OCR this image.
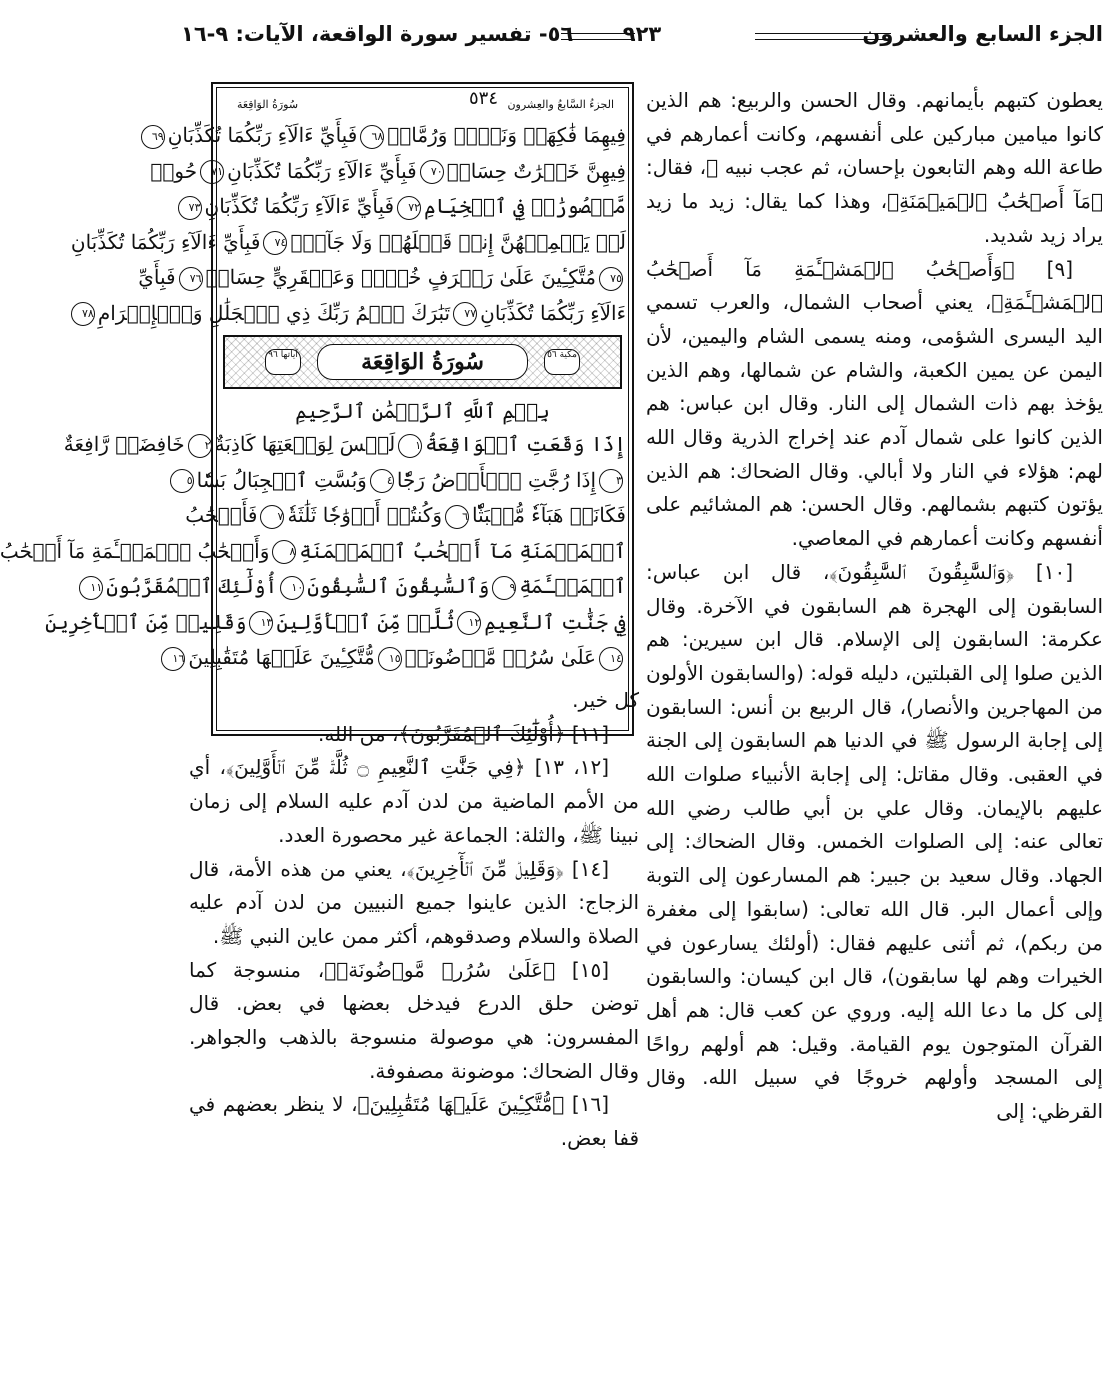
الجزء السابع والعشرون
٩٢٣
٥٦- تفسير سورة الواقعة، الآيات: ٩-١٦

يعطون كتبهم بأيمانهم. وقال الحسن والربيع: هم الذين كانوا ميامين مباركين على أنفسهم، وكانت أعمارهم في طاعة الله وهم التابعون بإحسان، ثم عجب نبيه ﷺ، فقال: ﴿مَآ أَصۡحَٰبُ ٱلۡمَيۡمَنَةِ﴾، وهذا كما يقال: زيد ما زيد يراد زيد شديد.

[٩] ﴿وَأَصۡحَٰبُ ٱلۡمَشۡـَٔمَةِ مَآ أَصۡحَٰبُ ٱلۡمَشۡـَٔمَةِ﴾، يعني أصحاب الشمال، والعرب تسمي اليد اليسرى الشؤمى، ومنه يسمى الشام واليمين، لأن اليمن عن يمين الكعبة، والشام عن شمالها، وهم الذين يؤخذ بهم ذات الشمال إلى النار. وقال ابن عباس: هم الذين كانوا على شمال آدم عند إخراج الذرية وقال الله لهم: هؤلاء في النار ولا أبالي. وقال الضحاك: هم الذين يؤتون كتبهم بشمالهم. وقال الحسن: هم المشائيم على أنفسهم وكانت أعمارهم في المعاصي.

[١٠] ﴿وَٱلسَّٰبِقُونَ ٱلسَّٰبِقُونَ﴾، قال ابن عباس: السابقون إلى الهجرة هم السابقون في الآخرة. وقال عكرمة: السابقون إلى الإسلام. قال ابن سيرين: هم الذين صلوا إلى القبلتين، دليله قوله: (والسابقون الأولون من المهاجرين والأنصار)، قال الربيع بن أنس: السابقون إلى إجابة الرسول ﷺ في الدنيا هم السابقون إلى الجنة في العقبى. وقال مقاتل: إلى إجابة الأنبياء صلوات الله عليهم بالإيمان. وقال علي بن أبي طالب رضي الله تعالى عنه: إلى الصلوات الخمس. وقال الضحاك: إلى الجهاد. وقال سعيد بن جبير: هم المسارعون إلى التوبة وإلى أعمال البر. قال الله تعالى: (سابقوا إلى مغفرة من ربكم)، ثم أثنى عليهم فقال: (أولئك يسارعون في الخيرات وهم لها سابقون)، قال ابن كيسان: والسابقون إلى كل ما دعا الله إليه. وروي عن كعب قال: هم أهل القرآن المتوجون يوم القيامة. وقيل: هم أولهم رواحًا إلى المسجد وأولهم خروجًا في سبيل الله. وقال القرظي: إلى

الجزءُ السَّابعُ والعِشرون
٥٣٤
سُورَةُ الوَاقِعَة
فِيهِمَا فَٰكِهَةٞ وَنَخۡلٞ وَرُمَّانٞ٦٨فَبِأَيِّ ءَالَآءِ رَبِّكُمَا تُكَذِّبَانِ٦٩
فِيهِنَّ خَيۡرَٰتٌ حِسَانٞ٧٠فَبِأَيِّ ءَالَآءِ رَبِّكُمَا تُكَذِّبَانِ٧١حُورٞ
مَّقۡصُورَٰتٞ فِي ٱلۡخِيَامِ٧٢فَبِأَيِّ ءَالَآءِ رَبِّكُمَا تُكَذِّبَانِ٧٣
لَمۡ يَطۡمِثۡهُنَّ إِنسٞ قَبۡلَهُمۡ وَلَا جَآنّٞ٧٤فَبِأَيِّ ءَالَآءِ رَبِّكُمَا تُكَذِّبَانِ
٧٥مُتَّكِـِٔينَ عَلَىٰ رَفۡرَفٍ خُضۡرٖ وَعَبۡقَرِيٍّ حِسَانٖ٧٦فَبِأَيِّ
ءَالَآءِ رَبِّكُمَا تُكَذِّبَانِ٧٧تَبَٰرَكَ ٱسۡمُ رَبِّكَ ذِي ٱلۡجَلَٰلِ وَٱلۡإِكۡرَامِ٧٨
مكية ٥٦
سُورَةُ الوَاقِعَة
آياتها ٩٦
بِسۡمِ ٱللَّهِ ٱلرَّحۡمَٰنِ ٱلرَّحِيمِ
إِذَا وَقَعَتِ ٱلۡوَاقِعَةُ١لَيۡسَ لِوَقۡعَتِهَا كَاذِبَةٌ٢خَافِضَةٞ رَّافِعَةٌ
٣إِذَا رُجَّتِ ٱلۡأَرۡضُ رَجّٗا٤وَبُسَّتِ ٱلۡجِبَالُ بَسّٗا٥
فَكَانَتۡ هَبَآءٗ مُّنۢبَثّٗا٦وَكُنتُمۡ أَزۡوَٰجٗا ثَلَٰثَةٗ٧فَأَصۡحَٰبُ
ٱلۡمَيۡمَنَةِ مَآ أَصۡحَٰبُ ٱلۡمَيۡمَنَةِ٨وَأَصۡحَٰبُ ٱلۡمَشۡـَٔمَةِ مَآ أَصۡحَٰبُ
ٱلۡمَشۡـَٔمَةِ٩وَٱلسَّٰبِقُونَ ٱلسَّٰبِقُونَ١٠أُوْلَٰٓئِكَ ٱلۡمُقَرَّبُونَ١١
فِي جَنَّٰتِ ٱلنَّعِيمِ١٢ثُلَّةٞ مِّنَ ٱلۡأَوَّلِينَ١٣وَقَلِيلٞ مِّنَ ٱلۡأٓخِرِينَ
١٤عَلَىٰ سُرُرٖ مَّوۡضُونَةٖ١٥مُّتَّكِـِٔينَ عَلَيۡهَا مُتَقَٰبِلِينَ١٦

كل خير.

[١١] ﴿أُوْلَٰٓئِكَ ٱلۡمُقَرَّبُونَ﴾، من الله.

[١٢، ١٣] ﴿فِي جَنَّٰتِ ٱلنَّعِيمِ ۝ ثُلَّةٞ مِّنَ ٱلۡأَوَّلِينَ﴾، أي من الأمم الماضية من لدن آدم عليه السلام إلى زمان نبينا ﷺ، والثلة: الجماعة غير محصورة العدد.

[١٤] ﴿وَقَلِيلٞ مِّنَ ٱلۡأٓخِرِينَ﴾، يعني من هذه الأمة، قال الزجاج: الذين عاينوا جميع النبيين من لدن آدم عليه الصلاة والسلام وصدقوهم، أكثر ممن عاين النبي ﷺ.

[١٥] ﴿عَلَىٰ سُرُرٖ مَّوۡضُونَةٖ﴾، منسوجة كما توضن حلق الدرع فيدخل بعضها في بعض. قال المفسرون: هي موصولة منسوجة بالذهب والجواهر. وقال الضحاك: موضونة مصفوفة.

[١٦] ﴿مُّتَّكِـِٔينَ عَلَيۡهَا مُتَقَٰبِلِينَ﴾، لا ينظر بعضهم في قفا بعض.
